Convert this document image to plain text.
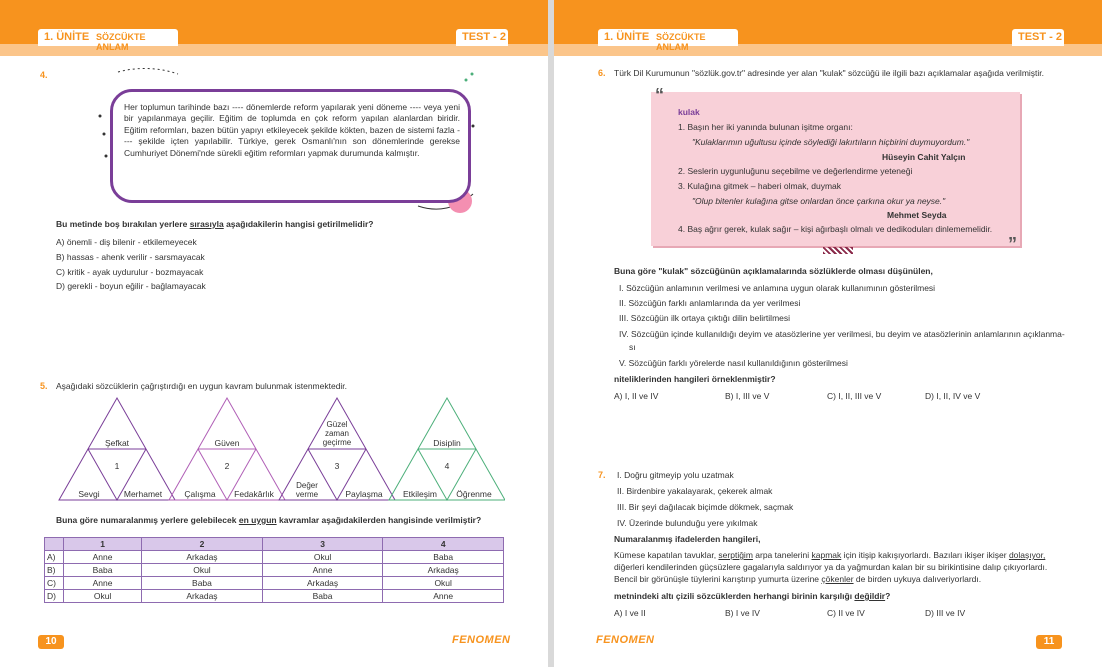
1. ÜNİTE SÖZCÜKTE ANLAM
TEST - 2
4.
Her toplumun tarihinde bazı ---- dönemlerde reform yapılarak yeni döneme ---- veya yeni bir yapılanmaya geçilir. Eğitim de toplumda en çok reform yapılan alanlardan biridir. Eğitim reformları, bazen bütün yapıyı etkileyecek şekilde kökten, bazen de sistemi fazla ---- şekilde içten yapılabilir. Türkiye, gerek Osmanlı'nın son dönemlerinde gerekse Cumhuriyet Dönemi'nde sürekli eğitim reformları yapmak durumunda kalmıştır.
Bu metinde boş bırakılan yerlere sırasıyla aşağıdakilerin hangisi getirilmelidir?
A) önemli - diş bilenir - etkilemeyecek
B) hassas - ahenk verilir - sarsmayacak
C) kritik - ayak uydurulur - bozmayacak
D) gerekli - boyun eğilir - bağlamayacak
5. Aşağıdaki sözcüklerin çağrıştırdığı en uygun kavram bulunmak istenmektedir.
Şefkat
1
Sevgi	Merhamet
Güven
2
Çalışma Fedakârlık
Güzel
zaman
geçirme
3
Değer
verme	Paylaşma
Disiplin
4
Etkileşim Öğrenme
Buna göre numaralanmış yerlere gelebilecek en uygun kavramlar aşağıdakilerden hangisinde verilmiştir?
	1	2	3	4
A)	Anne	Arkadaş	Okul	Baba
B)	Baba	Okul	Anne	Arkadaş
C)	Anne	Baba	Arkadaş	Okul
D)	Okul	Arkadaş	Baba	Anne
10	FENOMEN
1. ÜNİTE SÖZCÜKTE ANLAM
TEST - 2
6. Türk Dil Kurumunun "sözlük.gov.tr" adresinde yer alan "kulak" sözcüğü ile ilgili bazı açıklamalar aşağıda verilmiştir.
“
”
kulak
1. Başın her iki yanında bulunan işitme organı:
"Kulaklarımın uğultusu içinde söylediği lakırtıların hiçbirini duymuyordum."
Hüseyin Cahit Yalçın
2. Seslerin uygunluğunu seçebilme ve değerlendirme yeteneği
3. Kulağına gitmek – haberi olmak, duymak
"Olup bitenler kulağına gitse onlardan önce çarkına okur ya neyse."
Mehmet Seyda
4. Baş ağrır gerek, kulak sağır – kişi ağırbaşlı olmalı ve dedikoduları dinlememelidir.
Buna göre "kulak" sözcüğünün açıklamalarında sözlüklerde olması düşünülen,
I. Sözcüğün anlamının verilmesi ve anlamına uygun olarak kullanımının gösterilmesi
II. Sözcüğün farklı anlamlarında da yer verilmesi
III. Sözcüğün ilk ortaya çıktığı dilin belirtilmesi
IV. Sözcüğün içinde kullanıldığı deyim ve atasözlerine yer verilmesi, bu deyim ve atasözlerinin anlamlarının açıklanma-
sı
V. Sözcüğün farklı yörelerde nasıl kullanıldığının gösterilmesi
niteliklerinden hangileri örneklenmiştir?
A) I, II ve IV	B) I, III ve V	C) I, II, III ve V	D) I, II, IV ve V
7. I. Doğru gitmeyip yolu uzatmak
II. Birdenbire yakalayarak, çekerek almak
III. Bir şeyi dağılacak biçimde dökmek, saçmak
IV. Üzerinde bulunduğu yere yıkılmak
Numaralanmış ifadelerden hangileri,
Kümese kapatılan tavuklar, serptiğim arpa tanelerini kapmak için itişip kakışıyorlardı. Bazıları ikişer ikişer dolaşıyor,
diğerleri kendilerinden güçsüzlere gagalarıyla saldırıyor ya da yağmurdan kalan bir su birikintisine dalıp çıkıyorlardı.
Bencil bir görünüşle tüylerini karıştırıp yumurta üzerine çökenler de birden uykuya dalıveriyorlardı.
metnindeki altı çizili sözcüklerden herhangi birinin karşılığı değildir?
A) I ve II	B) I ve IV	C) II ve IV	D) III ve IV
FENOMEN	11
